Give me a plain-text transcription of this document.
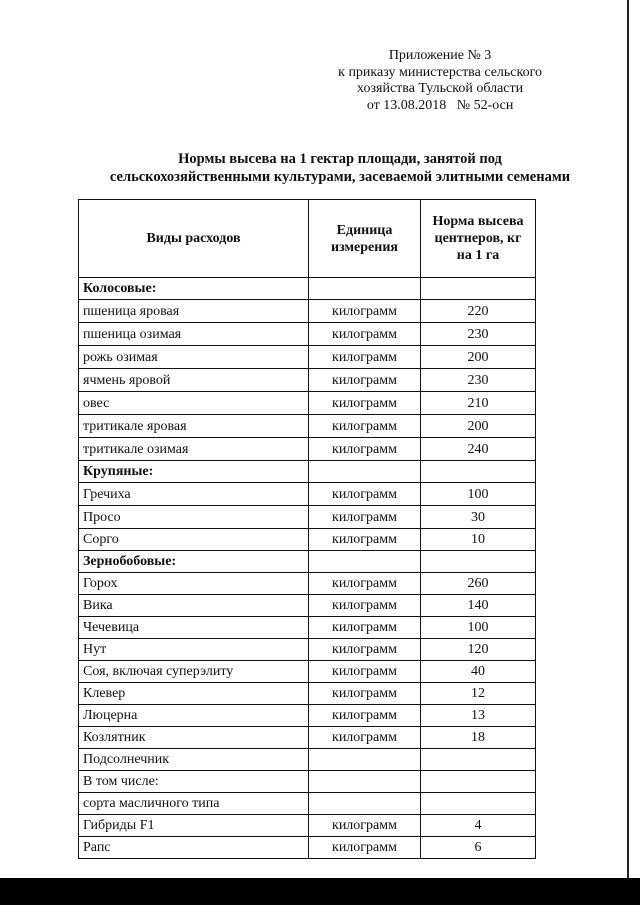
Приложение № 3
к приказу министерства сельского
хозяйства Тульской области
от 13.08.2018   № 52-осн
Нормы высева на 1 гектар площади, занятой под
сельскохозяйственными культурами, засеваемой элитными семенами
Виды расходов	Единица измерения	Норма высева центнеров, кг на 1 га
Колосовые:		
пшеница яровая	килограмм	220
пшеница озимая	килограмм	230
рожь озимая	килограмм	200
ячмень яровой	килограмм	230
овес	килограмм	210
тритикале яровая	килограмм	200
тритикале озимая	килограмм	240
Крупяные:		
Гречиха	килограмм	100
Просо	килограмм	30
Сорго	килограмм	10
Зернобобовые:		
Горох	килограмм	260
Вика	килограмм	140
Чечевица	килограмм	100
Нут	килограмм	120
Соя, включая суперэлиту	килограмм	40
Клевер	килограмм	12
Люцерна	килограмм	13
Козлятник	килограмм	18
Подсолнечник		
В том числе:		
сорта масличного типа		
Гибриды F1	килограмм	4
Рапс	килограмм	6
